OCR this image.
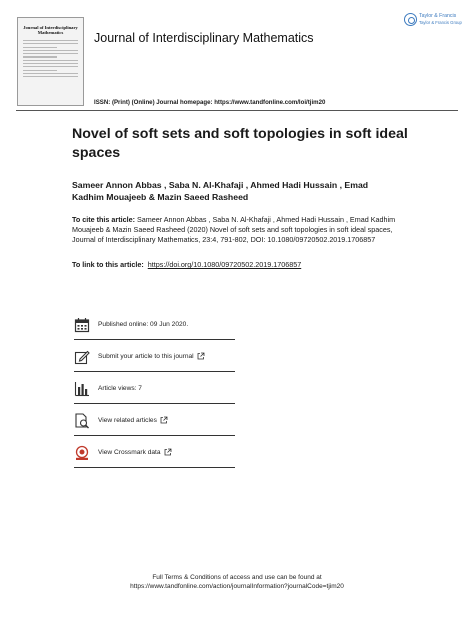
Journal of Interdisciplinary Mathematics	Journal of Interdisciplinary Mathematics
Taylor & Francis
Taylor & Francis Group
ISSN: (Print) (Online) Journal homepage: https://www.tandfonline.com/loi/tjim20
Novel of soft sets and soft topologies in soft ideal spaces
Sameer Annon Abbas , Saba N. Al-Khafaji , Ahmed Hadi Hussain , Emad Kadhim Mouajeeb & Mazin Saeed Rasheed
To cite this article: Sameer Annon Abbas , Saba N. Al-Khafaji , Ahmed Hadi Hussain , Emad Kadhim Mouajeeb & Mazin Saeed Rasheed (2020) Novel of soft sets and soft topologies in soft ideal spaces, Journal of Interdisciplinary Mathematics, 23:4, 791-802, DOI: 10.1080/09720502.2019.1706857
To link to this article: https://doi.org/10.1080/09720502.2019.1706857
Published online: 09 Jun 2020.
Submit your article to this journal
Article views: 7
View related articles
View Crossmark data
Full Terms & Conditions of access and use can be found at
https://www.tandfonline.com/action/journalInformation?journalCode=tjim20
